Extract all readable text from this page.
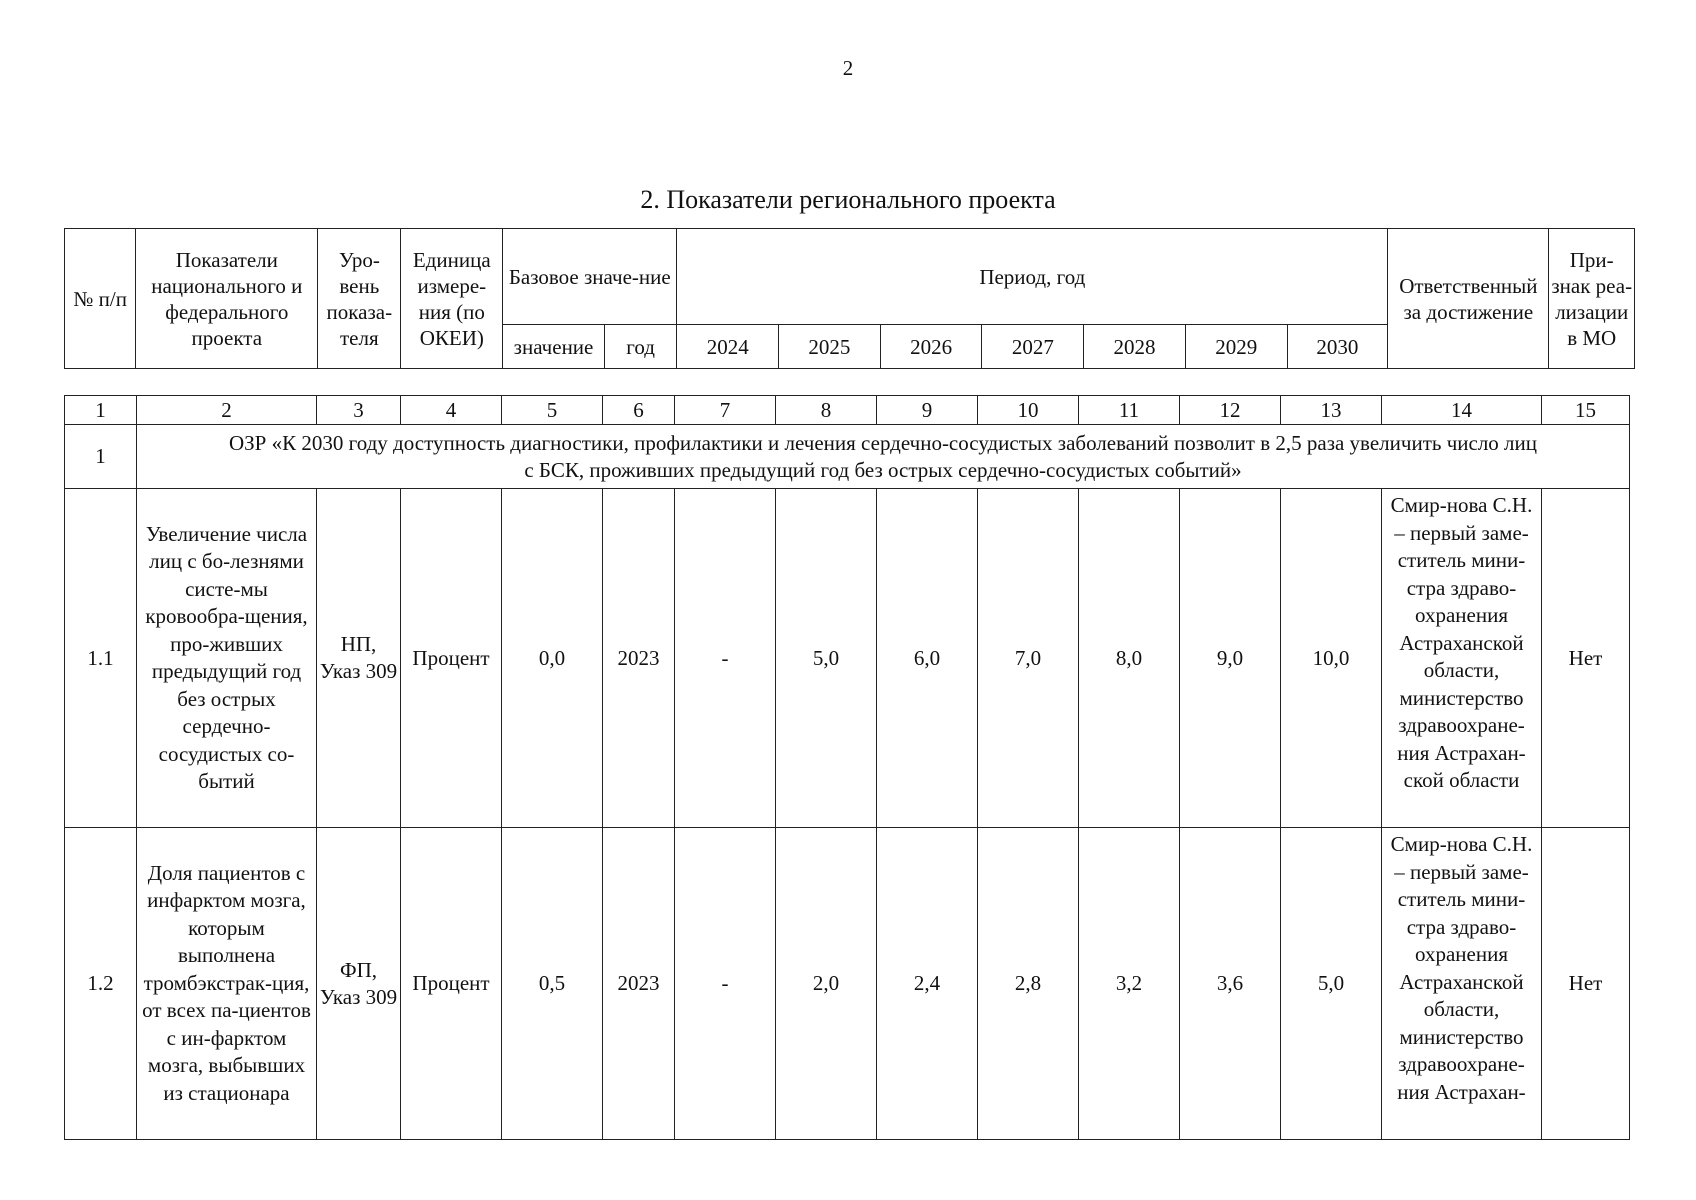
2
2. Показатели регионального проекта
№ п/п	Показатели национального и федерального проекта	Уро-вень показа-теля	Единица измере-ния (по ОКЕИ)	Базовое значе-ние		Период, год							Ответственный за достижение	При-знак реа-лизации в МО
				значение	год	2024	2025	2026	2027	2028	2029	2030		
1	2	3	4	5	6	7	8	9	10	11	12	13	14	15
1	ОЗР «К 2030 году доступность диагностики, профилактики и лечения сердечно-сосудистых заболеваний позволит в 2,5 раза увеличить число лиц
с БСК, проживших предыдущий год без острых сердечно-сосудистых событий»													

1.1	Увеличение числа лиц с бо-лезнями систе-мы кровообра-щения, про-живших предыдущий год без острых сердечно-сосудистых со-бытий	НП, Указ 309	Процент	0,0	2023	-	5,0	6,0	7,0	8,0	9,0	10,0	Смир-нова С.Н. – первый заме-ститель мини-стра здраво-охранения Астраханской области, министерство здравоохране-ния Астрахан-ской области	Нет
1.2	Доля пациентов с инфарктом мозга, которым выполнена тромбэкстрак-ция, от всех па-циентов с ин-фарктом мозга, выбывших из стационара	ФП, Указ 309	Процент	0,5	2023	-	2,0	2,4	2,8	3,2	3,6	5,0	Смир-нова С.Н. – первый заме-ститель мини-стра здраво-охранения Астраханской области, министерство здравоохране-ния Астрахан-	Нет
